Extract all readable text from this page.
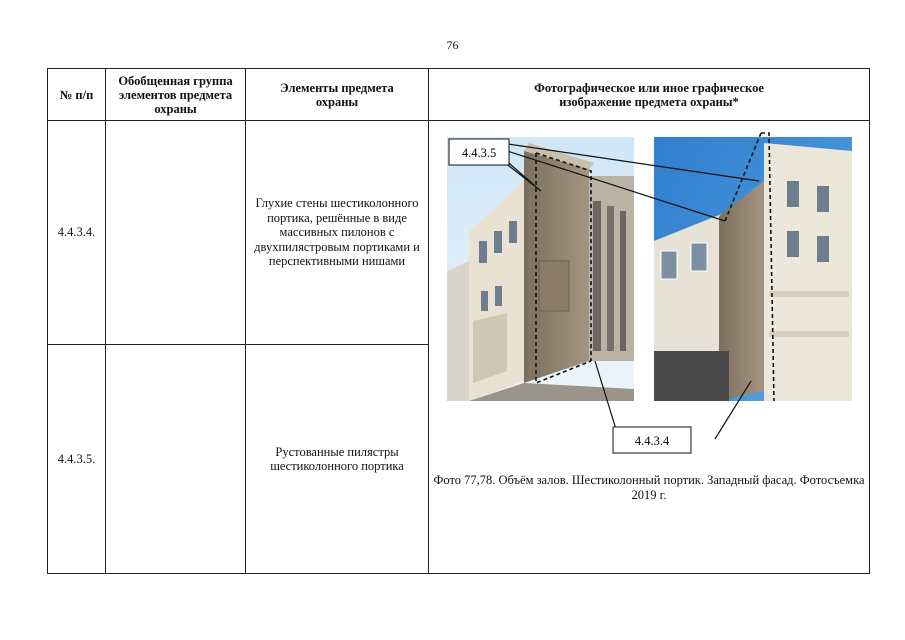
76
№ п/п	Обобщенная группа элементов предмета охраны	Элементы предмета охраны	Фотографическое или иное графическое изображение предмета охраны*
4.4.3.4.		Глухие стены шестиколонного портика, решённые в виде массивных пилонов с двухпилястровым портиками и перспективными нишами	4.4.3.5
4.4.3.4
Фото 77,78. Объём залов. Шестиколонный портик. Западный фасад. Фотосъемка 2019 г.

4.4.3.5.		Рустованные пилястры шестиколонного портика	
